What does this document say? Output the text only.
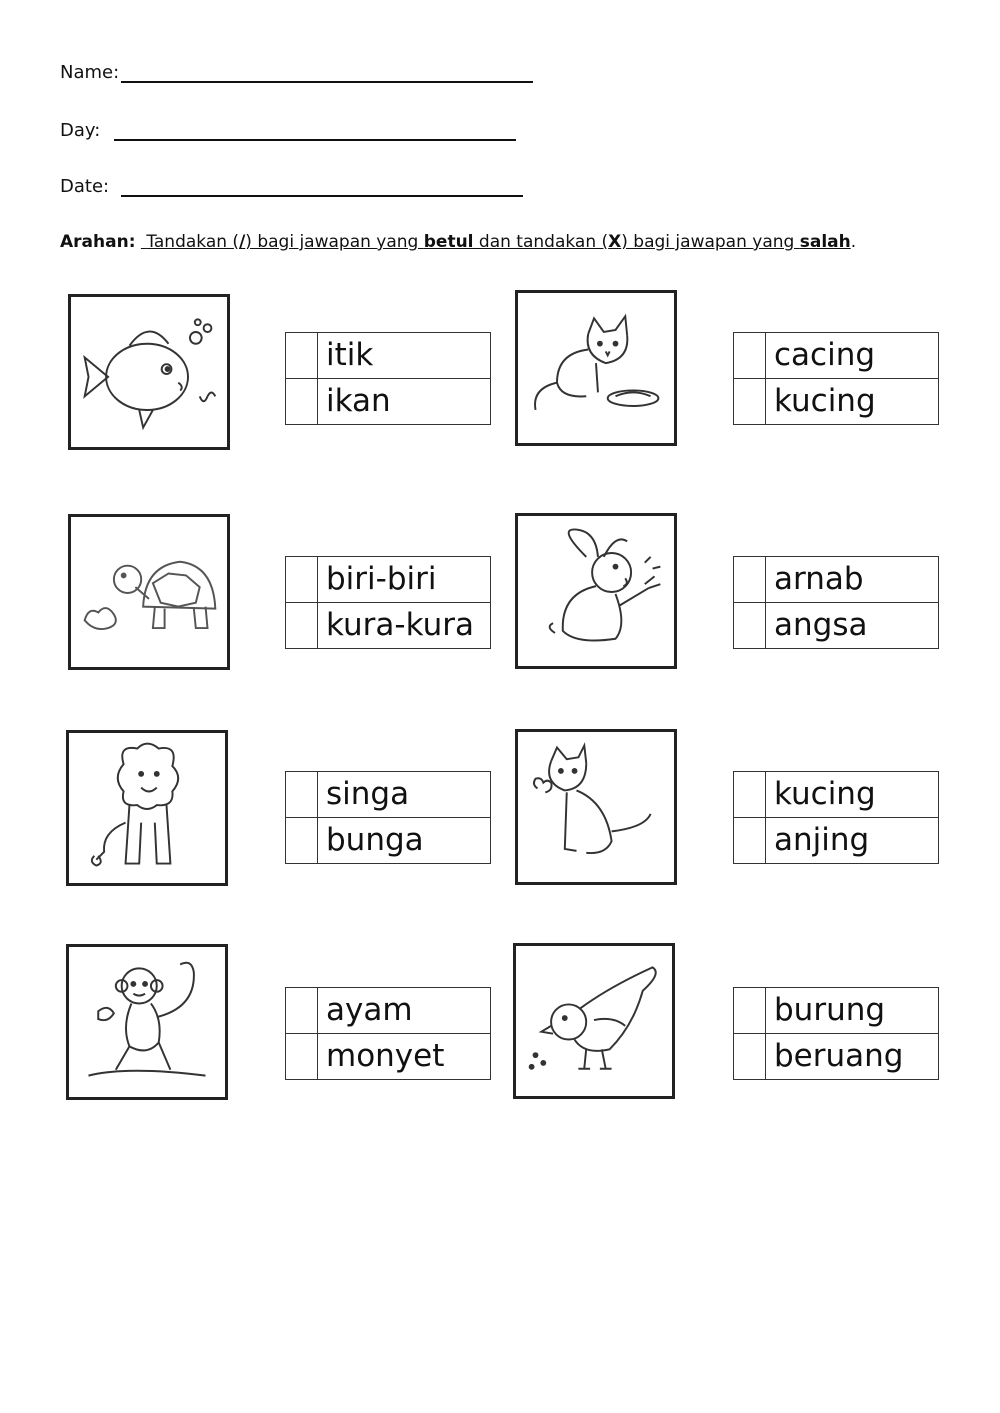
Name:
Day:
Date:
Arahan: Tandakan (/) bagi jawapan yang betul dan tandakan (X) bagi jawapan yang salah.
	itik
	ikan
	cacing
	kucing
	biri-biri
	kura-kura
	arnab
	angsa
	singa
	bunga
	kucing
	anjing
	ayam
	monyet
	burung
	beruang
